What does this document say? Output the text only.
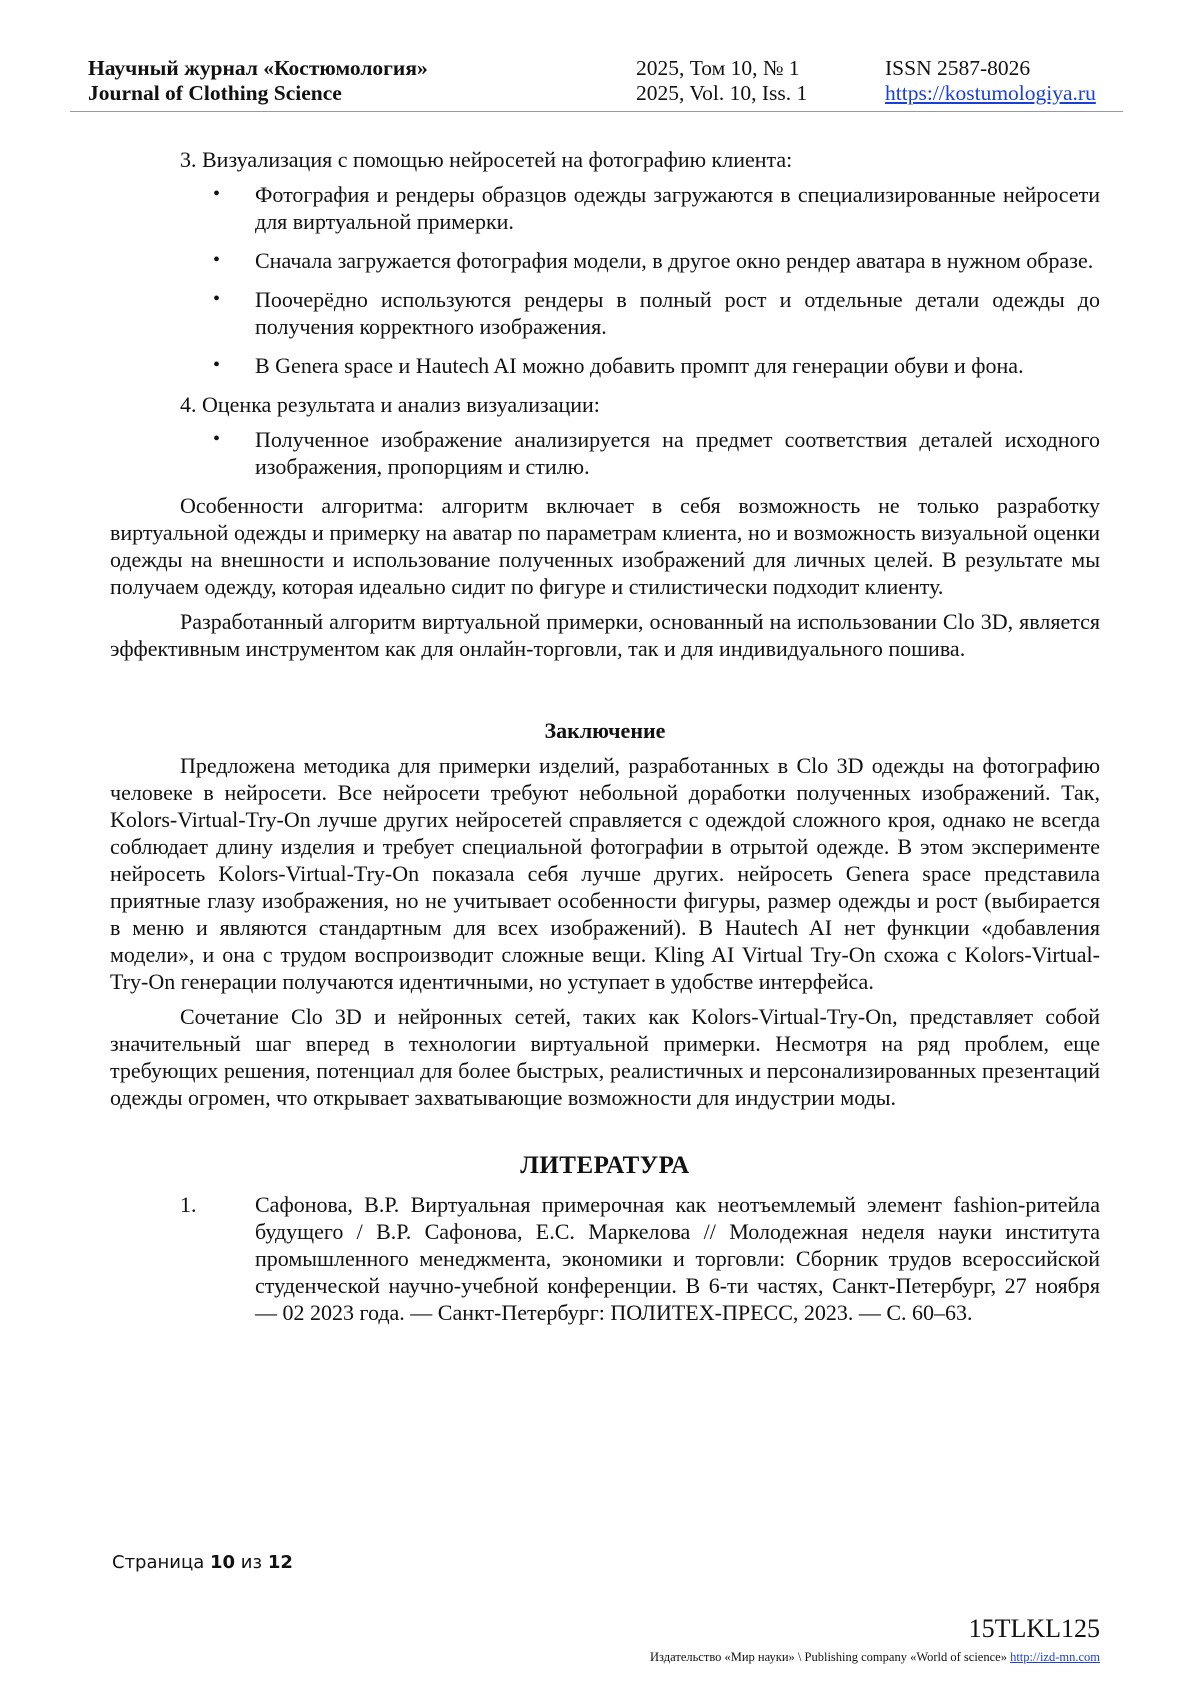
Научный журнал «Костюмология»	2025, Том 10, № 1	ISSN 2587-8026
Journal of Clothing Science	2025, Vol. 10, Iss. 1	https://kostumologiya.ru

3. Визуализация с помощью нейросетей на фотографию клиента:

• Фотография и рендеры образцов одежды загружаются в специализированные нейросети для виртуальной примерки.
• Сначала загружается фотография модели, в другое окно рендер аватара в нужном образе.
• Поочерёдно используются рендеры в полный рост и отдельные детали одежды до получения корректного изображения.
• В Genera space и Hautech AI можно добавить промпт для генерации обуви и фона.

4. Оценка результата и анализ визуализации:

• Полученное изображение анализируется на предмет соответствия деталей исходного изображения, пропорциям и стилю.

Особенности алгоритма: алгоритм включает в себя возможность не только разработку виртуальной одежды и примерку на аватар по параметрам клиента, но и возможность визуальной оценки одежды на внешности и использование полученных изображений для личных целей. В результате мы получаем одежду, которая идеально сидит по фигуре и стилистически подходит клиенту.

Разработанный алгоритм виртуальной примерки, основанный на использовании Clo 3D, является эффективным инструментом как для онлайн-торговли, так и для индивидуального пошива.

Заключение

Предложена методика для примерки изделий, разработанных в Clo 3D одежды на фотографию человеке в нейросети. Все нейросети требуют небольной доработки полученных изображений. Так, Kolors-Virtual-Try-On лучше других нейросетей справляется с одеждой сложного кроя, однако не всегда соблюдает длину изделия и требует специальной фотографии в отрытой одежде. В этом эксперименте нейросеть Kolors-Virtual-Try-On показала себя лучше других. нейросеть Genera space представила приятные глазу изображения, но не учитывает особенности фигуры, размер одежды и рост (выбирается в меню и являются стандартным для всех изображений). В Hautech AI нет функции «добавления модели», и она с трудом воспроизводит сложные вещи. Kling AI Virtual Try-On схожа с Kolors-Virtual-Try-On генерации получаются идентичными, но уступает в удобстве интерфейса.

Сочетание Clo 3D и нейронных сетей, таких как Kolors-Virtual-Try-On, представляет собой значительный шаг вперед в технологии виртуальной примерки. Несмотря на ряд проблем, еще требующих решения, потенциал для более быстрых, реалистичных и персонализированных презентаций одежды огромен, что открывает захватывающие возможности для индустрии моды.

ЛИТЕРАТУРА

1.	Сафонова, В.Р. Виртуальная примерочная как неотъемлемый элемент fashion-ритейла будущего / В.Р. Сафонова, Е.С. Маркелова // Молодежная неделя науки института промышленного менеджмента, экономики и торговли: Сборник трудов всероссийской студенческой научно-учебной конференции. В 6-ти частях, Санкт-Петербург, 27 ноября — 02 2023 года. — Санкт-Петербург: ПОЛИТЕХ-ПРЕСС, 2023. — С. 60–63.
Страница 10 из 12
15TLKL125
Издательство «Мир науки» \ Publishing company «World of science» http://izd-mn.com
